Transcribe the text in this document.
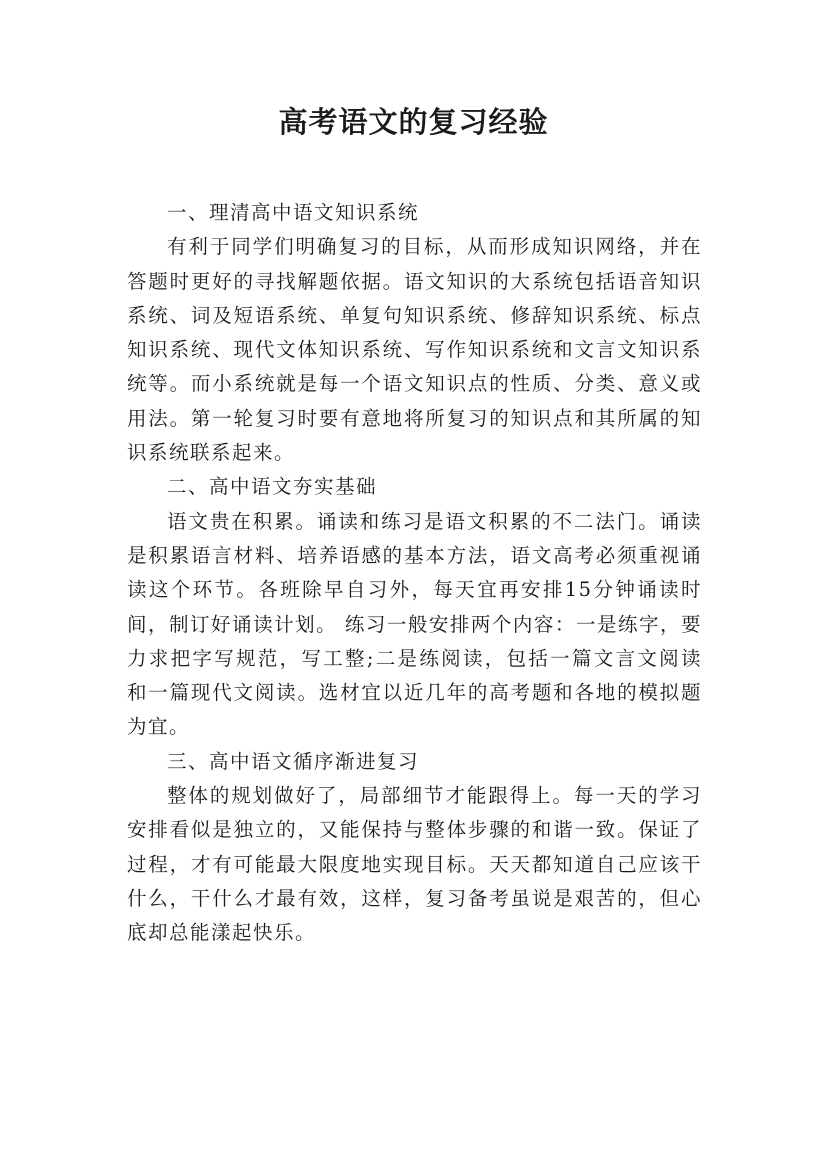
高考语文的复习经验

一、理清高中语文知识系统

有利于同学们明确复习的目标，从而形成知识网络，并在答题时更好的寻找解题依据。语文知识的大系统包括语音知识系统、词及短语系统、单复句知识系统、修辞知识系统、标点知识系统、现代文体知识系统、写作知识系统和文言文知识系统等。而小系统就是每一个语文知识点的性质、分类、意义或用法。第一轮复习时要有意地将所复习的知识点和其所属的知识系统联系起来。

二、高中语文夯实基础

语文贵在积累。诵读和练习是语文积累的不二法门。诵读是积累语言材料、培养语感的基本方法，语文高考必须重视诵读这个环节。各班除早自习外，每天宜再安排15分钟诵读时间，制订好诵读计划。 练习一般安排两个内容：一是练字，要力求把字写规范，写工整;二是练阅读，包括一篇文言文阅读和一篇现代文阅读。选材宜以近几年的高考题和各地的模拟题为宜。

三、高中语文循序渐进复习

整体的规划做好了，局部细节才能跟得上。每一天的学习安排看似是独立的，又能保持与整体步骤的和谐一致。保证了过程，才有可能最大限度地实现目标。天天都知道自己应该干什么，干什么才最有效，这样，复习备考虽说是艰苦的，但心底却总能漾起快乐。
